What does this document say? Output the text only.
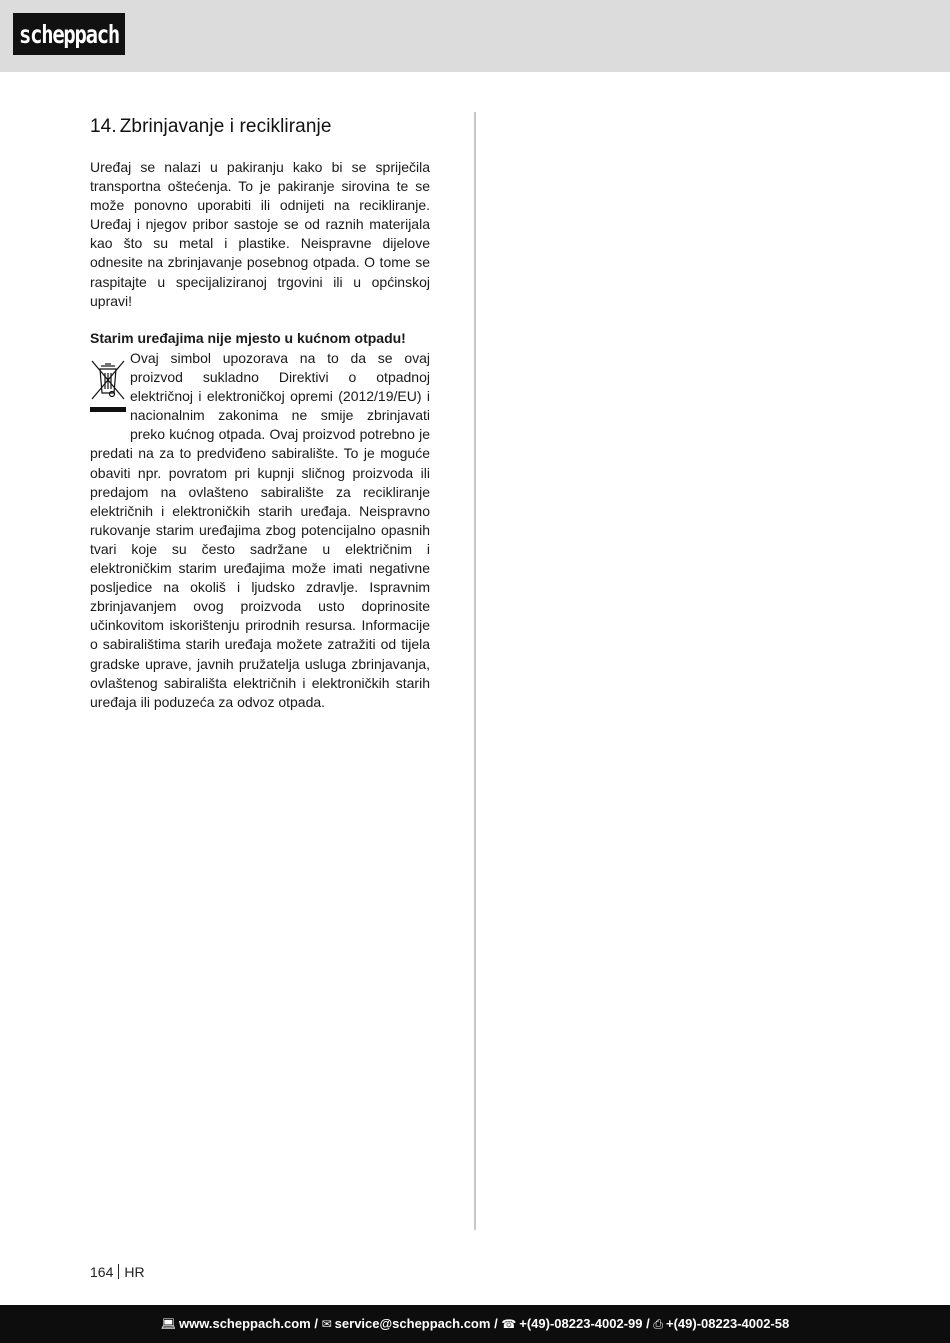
scheppach
14. Zbrinjavanje i recikliranje

Uređaj se nalazi u pakiranju kako bi se spriječila transportna oštećenja. To je pakiranje sirovina te se može ponovno uporabiti ili odnijeti na recikliranje. Uređaj i njegov pribor sastoje se od raznih materijala kao što su metal i plastike. Neispravne dijelove odnesite na zbrinjavanje posebnog otpada. O tome se raspitajte u specijaliziranoj trgovini ili u općinskoj upravi!

Starim uređajima nije mjesto u kućnom otpadu!

Ovaj simbol upozorava na to da se ovaj proizvod sukladno Direktivi o otpadnoj električnoj i elektroničkoj opremi (2012/19/EU) i nacionalnim zakonima ne smije zbrinjavati preko kućnog otpada. Ovaj proizvod potrebno je predati na za to predviđeno sabiralište. To je moguće obaviti npr. povratom pri kupnji sličnog proizvoda ili predajom na ovlašteno sabiralište za recikliranje električnih i elektroničkih starih uređaja. Neispravno rukovanje starim uređajima zbog potencijalno opasnih tvari koje su često sadržane u električnim i elektroničkim starim uređajima može imati negativne posljedice na okoliš i ljudsko zdravlje. Ispravnim zbrinjavanjem ovog proizvoda usto doprinosite učinkovitom iskorištenju prirodnih resursa. Informacije o sabiralištima starih uređaja možete zatražiti od tijela gradske uprave, javnih pružatelja usluga zbrinjavanja, ovlaštenog sabirališta električnih i elektroničkih starih uređaja ili poduzeća za odvoz otpada.

164 HR
💻︎ www.scheppach.com / ✉ service@scheppach.com / ☎ +(49)-08223-4002-99 / ⎙ +(49)-08223-4002-58
